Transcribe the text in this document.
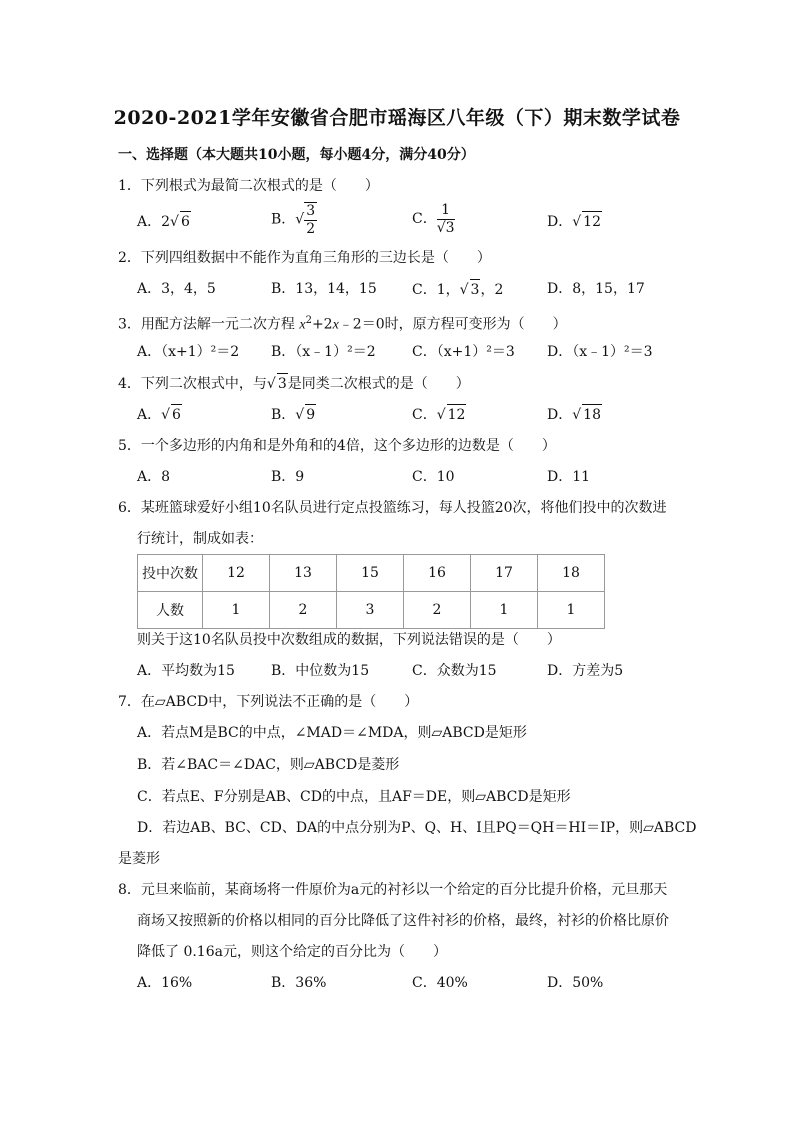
2020-2021学年安徽省合肥市瑶海区八年级（下）期末数学试卷
一、选择题（本大题共10小题，每小题4分，满分40分）
1．下列根式为最简二次根式的是（　　）
A．2√ 6	B．√ $\frac{3}{2}$	C． $\frac{1}{√3}$	D．√ 12
2．下列四组数据中不能作为直角三角形的三边长是（　　）
A．3，4，5	B．13，14，15	C．1，√ 3，2	D．8，15，17
3．用配方法解一元二次方程 $x^2+2x﹣2=0$时，原方程可变形为（　　）
A．（x+1）²＝2 B．（x﹣1）²＝2	C．（x+1）²＝3 D．（x﹣1）²＝3
4．下列二次根式中，与√ 3是同类二次根式的是（　　）
A．√ 6	B．√ 9	C．√ 12	D．√ 18
5．一个多边形的内角和是外角和的4倍，这个多边形的边数是（　　）
A．8	B．9	C．10	D．11
6．某班篮球爱好小组10名队员进行定点投篮练习，每人投篮20次，将他们投中的次数进
行统计，制成如表：
投中次数	12	13	15	16	17	18
人数	1	2	3	2	1	1
则关于这10名队员投中次数组成的数据，下列说法错误的是（　　）
A．平均数为15	B．中位数为15	C．众数为15	D．方差为5
7．在▱ABCD中，下列说法不正确的是（　　）
A．若点M是BC的中点，∠MAD＝∠MDA，则▱ABCD是矩形
B．若∠BAC＝∠DAC，则▱ABCD是菱形
C．若点E、F分别是AB、CD的中点，且AF＝DE，则▱ABCD是矩形
D．若边AB、BC、CD、DA的中点分别为P、Q、H、I且PQ＝QH＝HI＝IP，则▱ABCD
是菱形
8．元旦来临前，某商场将一件原价为a元的衬衫以一个给定的百分比提升价格，元旦那天
商场又按照新的价格以相同的百分比降低了这件衬衫的价格，最终，衬衫的价格比原价
降低了 0.16a元，则这个给定的百分比为（　　）
A．16%	B．36%	C．40%	D．50%
